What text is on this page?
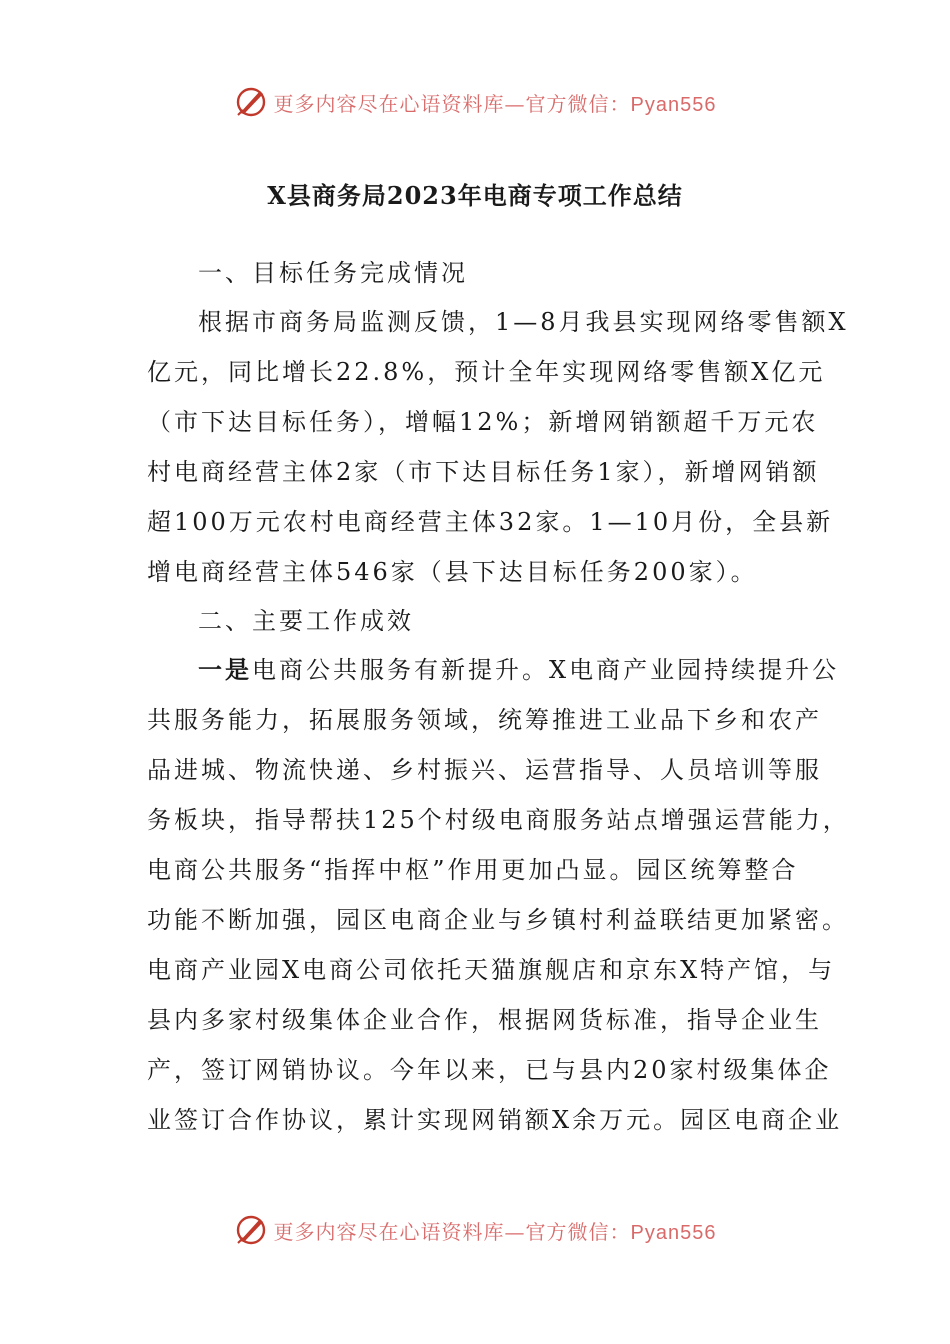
更多内容尽在心语资料库—官方微信：Pyan556
X县商务局2023年电商专项工作总结
一、目标任务完成情况
根据市商务局监测反馈，1—8月我县实现网络零售额X
亿元，同比增长22.8%，预计全年实现网络零售额X亿元
（市下达目标任务），增幅12%；新增网销额超千万元农
村电商经营主体2家（市下达目标任务1家），新增网销额
超100万元农村电商经营主体32家。1—10月份，全县新
增电商经营主体546家（县下达目标任务200家）。
二、主要工作成效
一是电商公共服务有新提升。X电商产业园持续提升公
共服务能力，拓展服务领域，统筹推进工业品下乡和农产
品进城、物流快递、乡村振兴、运营指导、人员培训等服
务板块，指导帮扶125个村级电商服务站点增强运营能力，
电商公共服务“指挥中枢”作用更加凸显。园区统筹整合
功能不断加强，园区电商企业与乡镇村利益联结更加紧密。
电商产业园X电商公司依托天猫旗舰店和京东X特产馆，与
县内多家村级集体企业合作，根据网货标准，指导企业生
产，签订网销协议。今年以来，已与县内20家村级集体企
业签订合作协议，累计实现网销额X余万元。园区电商企业
更多内容尽在心语资料库—官方微信：Pyan556
